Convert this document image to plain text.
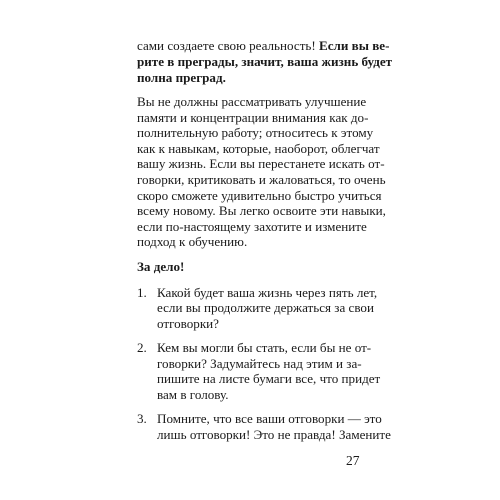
сами создаете свою реальность! Если вы ве-
рите в преграды, значит, ваша жизнь будет
полна преград.
Вы не должны рассматривать улучшение
памяти и концентрации внимания как до-
полнительную работу; относитесь к этому
как к навыкам, которые, наоборот, облегчат
вашу жизнь. Если вы перестанете искать от-
говорки, критиковать и жаловаться, то очень
скоро сможете удивительно быстро учиться
всему новому. Вы легко освоите эти навыки,
если по-настоящему захотите и измените
подход к обучению.
За дело!
1. Какой будет ваша жизнь через пять лет,
если вы продолжите держаться за свои
отговорки?
2. Кем вы могли бы стать, если бы не от-
говорки? Задумайтесь над этим и за-
пишите на листе бумаги все, что придет
вам в голову.
3. Помните, что все ваши отговорки — это
лишь отговорки! Это не правда! Замените
27
